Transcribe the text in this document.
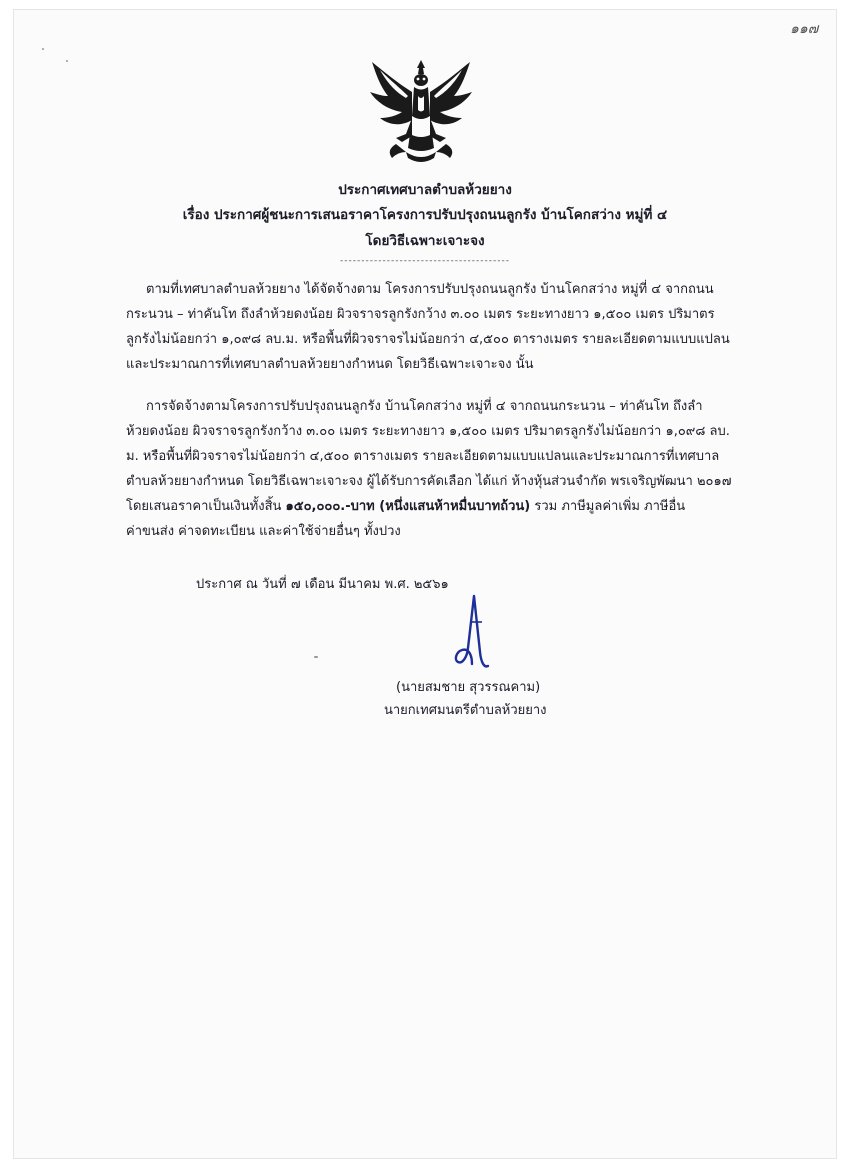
๑๑๗
ประกาศเทศบาลตำบลห้วยยาง
เรื่อง ประกาศผู้ชนะการเสนอราคาโครงการปรับปรุงถนนลูกรัง บ้านโคกสว่าง หมู่ที่ ๔
โดยวิธีเฉพาะเจาะจง
----------------------------------------
ตามที่เทศบาลตำบลห้วยยาง ได้จัดจ้างตาม โครงการปรับปรุงถนนลูกรัง บ้านโคกสว่าง หมู่ที่ ๔ จากถนน
กระนวน – ท่าคันโท ถึงลำห้วยดงน้อย ผิวจราจรลูกรังกว้าง ๓.๐๐ เมตร ระยะทางยาว ๑,๕๐๐ เมตร ปริมาตร
ลูกรังไม่น้อยกว่า ๑,๐๙๘ ลบ.ม. หรือพื้นที่ผิวจราจรไม่น้อยกว่า ๔,๕๐๐ ตารางเมตร รายละเอียดตามแบบแปลน
และประมาณการที่เทศบาลตำบลห้วยยางกำหนด โดยวิธีเฉพาะเจาะจง นั้น
การจัดจ้างตามโครงการปรับปรุงถนนลูกรัง บ้านโคกสว่าง หมู่ที่ ๔ จากถนนกระนวน – ท่าคันโท ถึงลำ
ห้วยดงน้อย ผิวจราจรลูกรังกว้าง ๓.๐๐ เมตร ระยะทางยาว ๑,๕๐๐ เมตร ปริมาตรลูกรังไม่น้อยกว่า ๑,๐๙๘ ลบ.
ม. หรือพื้นที่ผิวจราจรไม่น้อยกว่า ๔,๕๐๐ ตารางเมตร รายละเอียดตามแบบแปลนและประมาณการที่เทศบาล
ตำบลห้วยยางกำหนด โดยวิธีเฉพาะเจาะจง ผู้ได้รับการคัดเลือก ได้แก่ ห้างหุ้นส่วนจำกัด พรเจริญพัฒนา ๒๐๑๗
โดยเสนอราคาเป็นเงินทั้งสิ้น ๑๕๐,๐๐๐.-บาท (หนึ่งแสนห้าหมื่นบาทถ้วน) รวม ภาษีมูลค่าเพิ่ม ภาษีอื่น
ค่าขนส่ง ค่าจดทะเบียน และค่าใช้จ่ายอื่นๆ ทั้งปวง
ประกาศ ณ วันที่ ๗ เดือน มีนาคม พ.ศ. ๒๕๖๑
(นายสมชาย สุวรรณคาม)
นายกเทศมนตรีตำบลห้วยยาง
